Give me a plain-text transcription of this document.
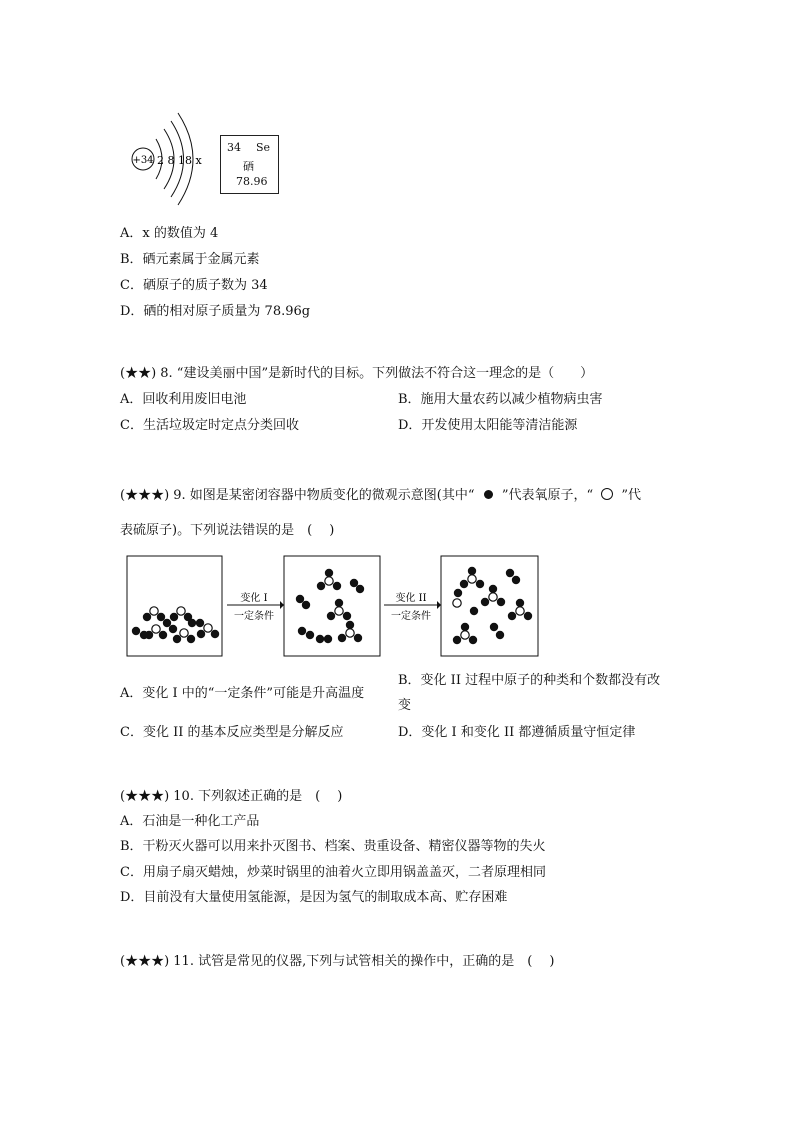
+34 2 8 18 x
34 Se
硒
78.96
A．x 的数值为 4
B．硒元素属于金属元素
C．硒原子的质子数为 34
D．硒的相对原子质量为 78.96g
(★★) 8. “建设美丽中国”是新时代的目标。下列做法不符合这一理念的是（　　）
A．回收利用废旧电池	B．施用大量农药以减少植物病虫害
C．生活垃圾定时定点分类回收	D．开发使用太阳能等清洁能源
(★★★) 9. 如图是某密闭容器中物质变化的微观示意图(其中“ ”代表氧原子，“ ”代
表硫原子)。下列说法错误的是　(　 )
变化 I
一定条件
变化 II
一定条件
A．变化 I 中的“一定条件”可能是升高温度
B．变化 II 过程中原子的种类和个数都没有改
变
C．变化 II 的基本反应类型是分解反应	D．变化 I 和变化 II 都遵循质量守恒定律
(★★★) 10. 下列叙述正确的是　(　 )
A．石油是一种化工产品
B．干粉灭火器可以用来扑灭图书、档案、贵重设备、精密仪器等物的失火
C．用扇子扇灭蜡烛，炒菜时锅里的油着火立即用锅盖盖灭，二者原理相同
D．目前没有大量使用氢能源，是因为氢气的制取成本高、贮存困难
(★★★) 11. 试管是常见的仪器,下列与试管相关的操作中，正确的是　(　 )
